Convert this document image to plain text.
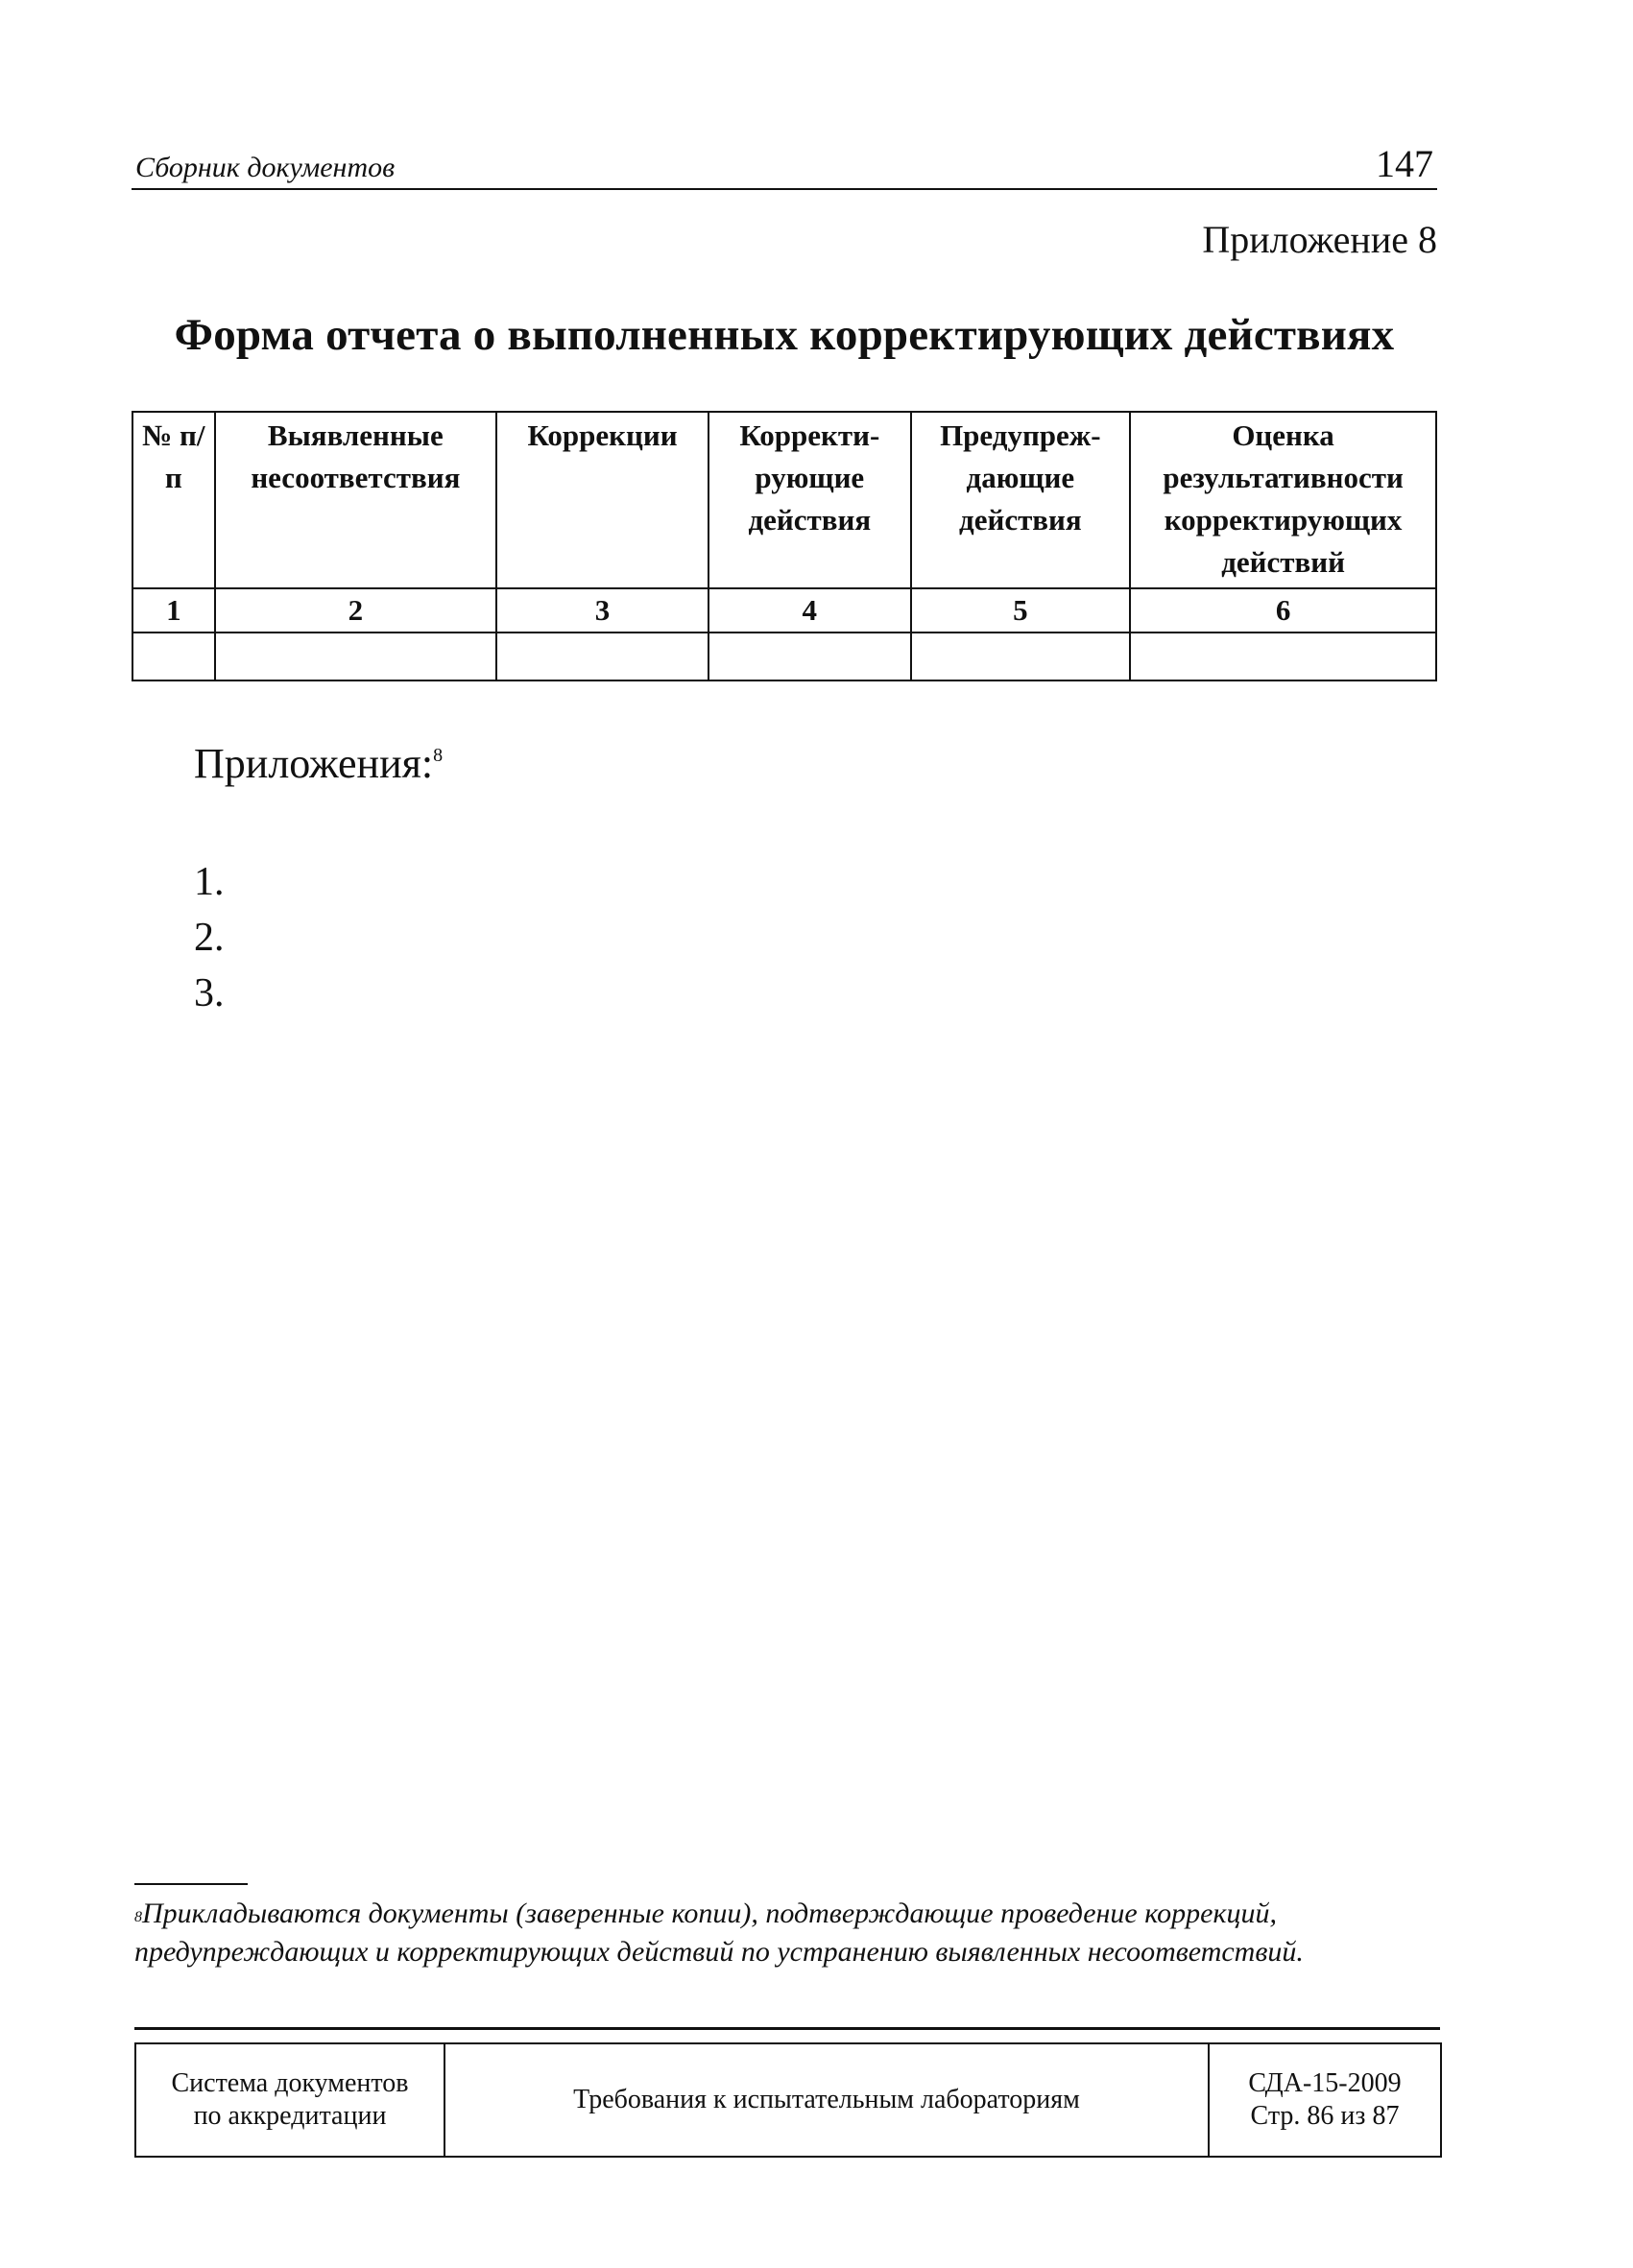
Сборник документов	147
Приложение 8
Форма отчета о выполненных корректирующих действиях
№ п/п	Выявленные несоответствия	Коррекции	Корректи-рующие действия	Предупреж-дающие действия	Оценка результативности корректирующих действий
1	2	3	4	5	6

Приложения:$^8$
1.
2.
3.
$^8$Прикладываются документы (заверенные копии), подтверждающие проведение коррекций, предупреждающих и корректирующих действий по устранению выявленных несоответствий.
Система документов
по аккредитации
	Требования к испытательным лабораториям	
СДА-15-2009
Стр. 86 из 87
